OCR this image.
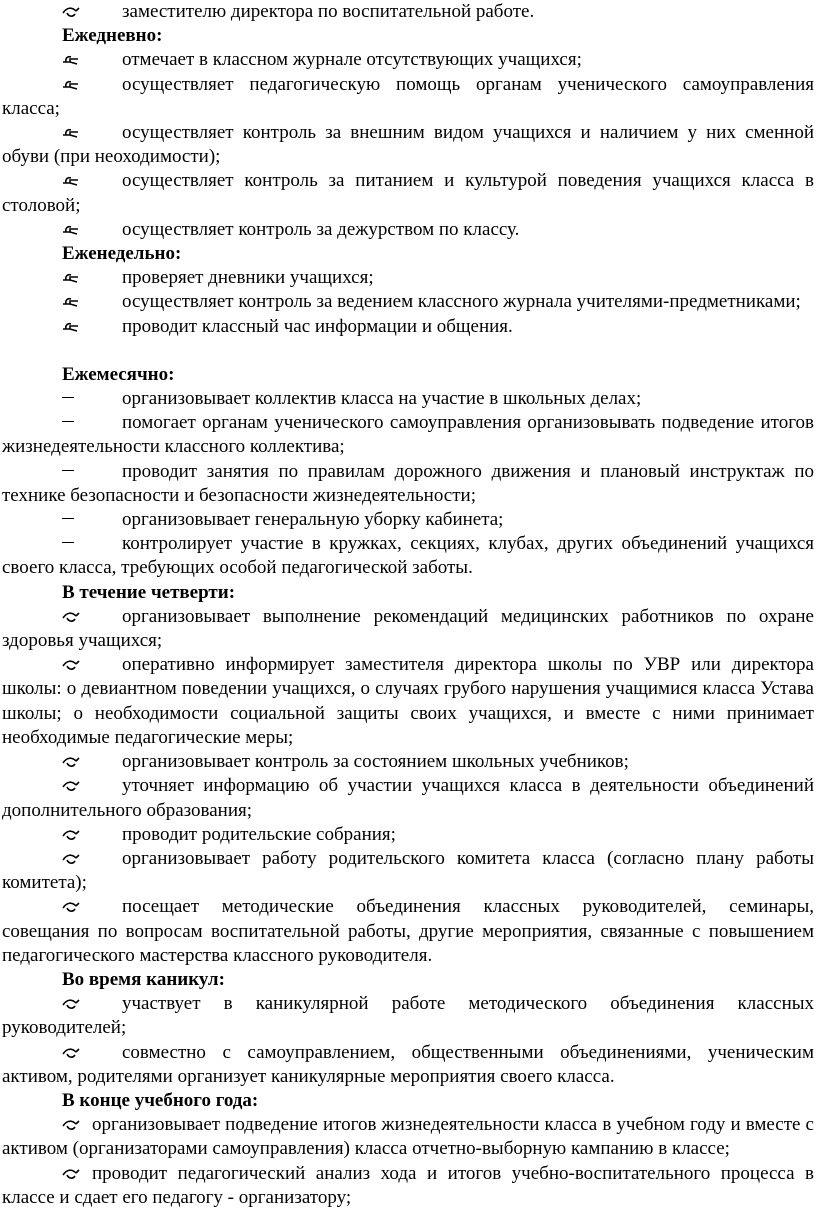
заместителю директора по воспитательной работе.

Ежедневно:

отмечает в классном журнале отсутствующих учащихся;

осуществляет педагогическую помощь органам ученического самоуправления класса;

осуществляет контроль за внешним видом учащихся и наличием у них сменной обуви (при неоходимости);

осуществляет контроль за питанием и культурой поведения учащихся класса в столовой;

осуществляет контроль за дежурством по классу.

Еженедельно:

проверяет дневники учащихся;

осуществляет контроль за ведением классного журнала учителями-предметниками;

проводит классный час информации и общения.

Ежемесячно:

организовывает коллектив класса на участие в школьных делах;

помогает органам ученического самоуправления организовывать подведение итогов жизнедеятельности классного коллектива;

проводит занятия по правилам дорожного движения и плановый инструктаж по технике безопасности и безопасности жизнедеятельности;

организовывает генеральную уборку кабинета;

контролирует участие в кружках, секциях, клубах, других объединений учащихся своего класса, требующих особой педагогической заботы.

В течение четверти:

организовывает выполнение рекомендаций медицинских работников по охране здоровья учащихся;

оперативно информирует заместителя директора школы по УВР или директора школы: о девиантном поведении учащихся, о случаях грубого нарушения учащимися класса Устава школы; о необходимости социальной защиты своих учащихся, и вместе с ними принимает необходимые педагогические меры;

организовывает контроль за состоянием школьных учебников;

уточняет информацию об участии учащихся класса в деятельности объединений дополнительного образования;

проводит родительские собрания;

организовывает работу родительского комитета класса (согласно плану работы комитета);

посещает методические объединения классных руководителей, семинары, совещания по вопросам воспитательной работы, другие мероприятия, связанные с повышением педагогического мастерства классного руководителя.

Во время каникул:

участвует в каникулярной работе методического объединения классных руководителей;

совместно с самоуправлением, общественными объединениями, ученическим активом, родителями организует каникулярные мероприятия своего класса.

В конце учебного года:

организовывает подведение итогов жизнедеятельности класса в учебном году и вместе с активом (организаторами самоуправления) класса отчетно-выборную кампанию в классе;

проводит педагогический анализ хода и итогов учебно-воспитательного процесса в классе и сдает его педагогу - организатору;
